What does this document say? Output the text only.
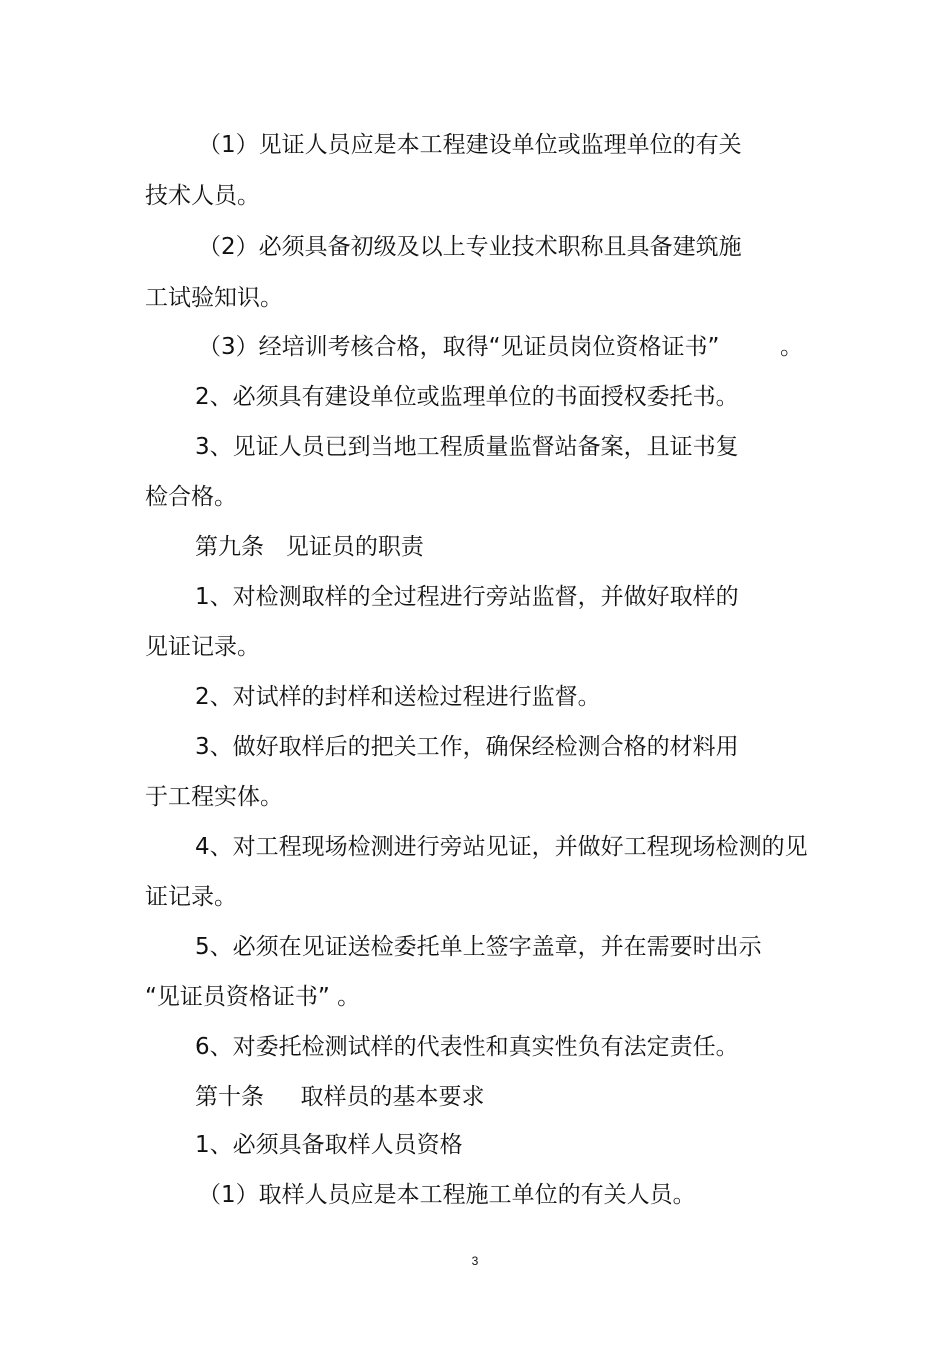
（1）见证人员应是本工程建设单位或监理单位的有关

技术人员。

（2）必须具备初级及以上专业技术职称且具备建筑施

工试验知识。

（3）经培训考核合格，取得“见证员岗位资格证书”	。

2、必须具有建设单位或监理单位的书面授权委托书。

3、见证人员已到当地工程质量监督站备案，且证书复

检合格。

第九条   见证员的职责

1、对检测取样的全过程进行旁站监督，并做好取样的

见证记录。

2、对试样的封样和送检过程进行监督。

3、做好取样后的把关工作，确保经检测合格的材料用

于工程实体。

4、对工程现场检测进行旁站见证，并做好工程现场检测的见

证记录。

5、必须在见证送检委托单上签字盖章，并在需要时出示

“见证员资格证书” 。

6、对委托检测试样的代表性和真实性负有法定责任。

第十条     取样员的基本要求

1、必须具备取样人员资格

（1）取样人员应是本工程施工单位的有关人员。

3
